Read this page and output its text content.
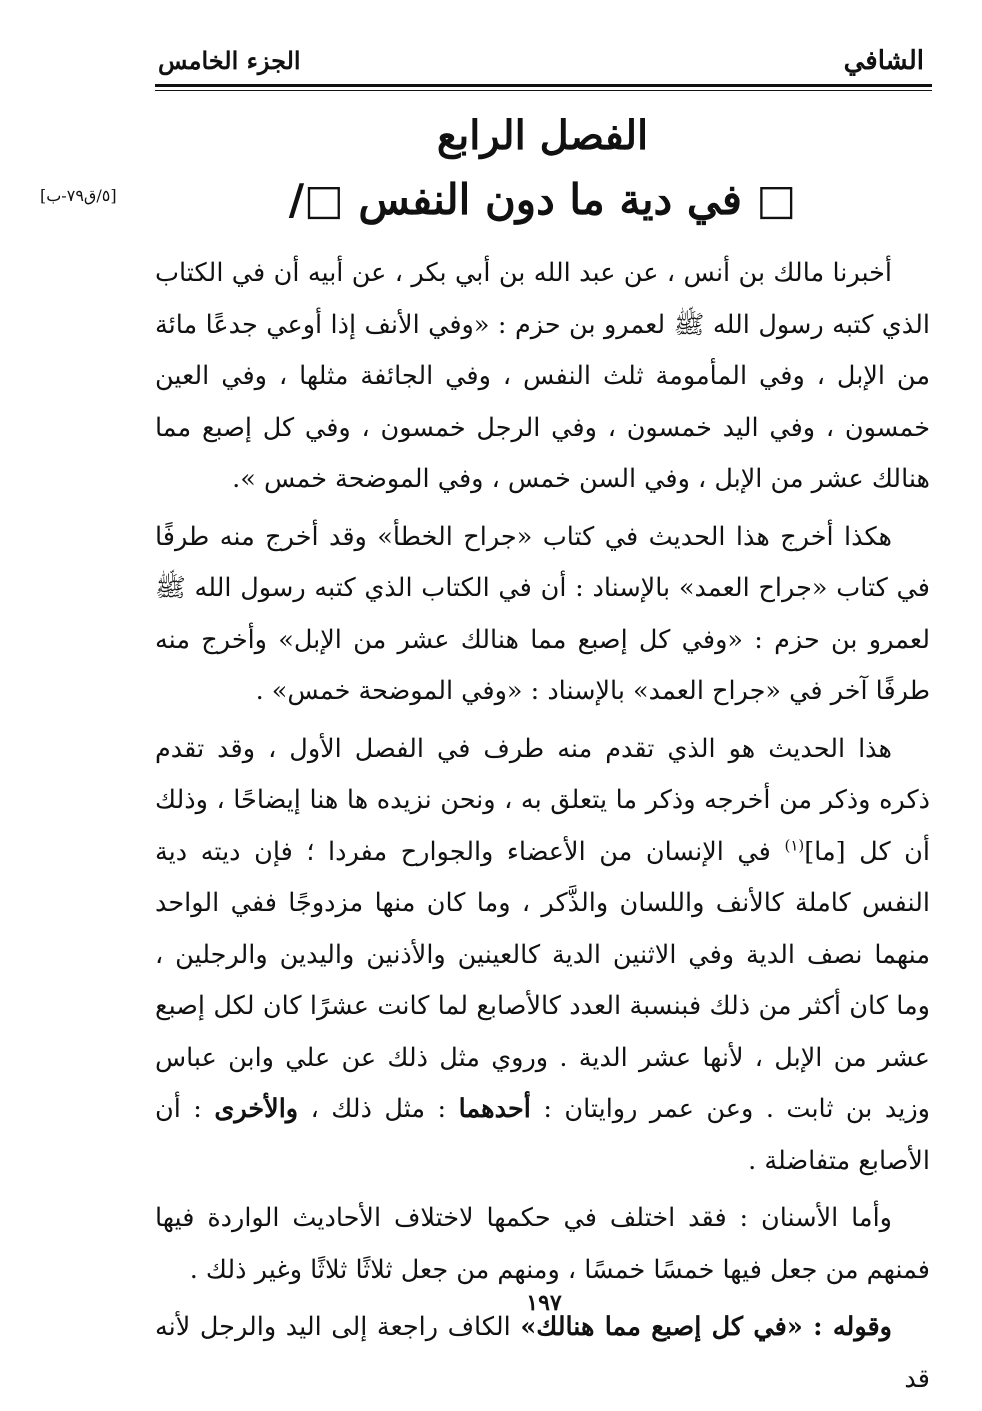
الشافي
الجزء الخامس
الفصل الرابع
□ في دية ما دون النفس □/
[٥/ق٧٩-ب]

أخبرنا مالك بن أنس ، عن عبد الله بن أبي بكر ، عن أبيه أن في الكتاب الذي كتبه رسول الله ﷺ لعمرو بن حزم : «وفي الأنف إذا أوعي جدعًا مائة من الإبل ، وفي المأمومة ثلث النفس ، وفي الجائفة مثلها ، وفي العين خمسون ، وفي اليد خمسون ، وفي الرجل خمسون ، وفي كل إصبع مما هنالك عشر من الإبل ، وفي السن خمس ، وفي الموضحة خمس ».

هكذا أخرج هذا الحديث في كتاب «جراح الخطأ» وقد أخرج منه طرفًا في كتاب «جراح العمد» بالإسناد : أن في الكتاب الذي كتبه رسول الله ﷺ لعمرو بن حزم : «وفي كل إصبع مما هنالك عشر من الإبل» وأخرج منه طرفًا آخر في «جراح العمد» بالإسناد : «وفي الموضحة خمس» .

هذا الحديث هو الذي تقدم منه طرف في الفصل الأول ، وقد تقدم ذكره وذكر من أخرجه وذكر ما يتعلق به ، ونحن نزيده ها هنا إيضاحًا ، وذلك أن كل [ما]$^{(١)}$ في الإنسان من الأعضاء والجوارح مفردا ؛ فإن ديته دية النفس كاملة كالأنف واللسان والذَّكر ، وما كان منها مزدوجًا ففي الواحد منهما نصف الدية وفي الاثنين الدية كالعينين والأذنين واليدين والرجلين ، وما كان أكثر من ذلك فبنسبة العدد كالأصابع لما كانت عشرًا كان لكل إصبع عشر من الإبل ، لأنها عشر الدية . وروي مثل ذلك عن علي وابن عباس وزيد بن ثابت . وعن عمر روايتان : أحدهما : مثل ذلك ، والأخرى : أن الأصابع متفاضلة .

وأما الأسنان : فقد اختلف في حكمها لاختلاف الأحاديث الواردة فيها فمنهم من جعل فيها خمسًا خمسًا ، ومنهم من جعل ثلاثًا ثلاثًا وغير ذلك .

وقوله : «في كل إصبع مما هنالك» الكاف راجعة إلى اليد والرجل لأنه قد

١٩٧
